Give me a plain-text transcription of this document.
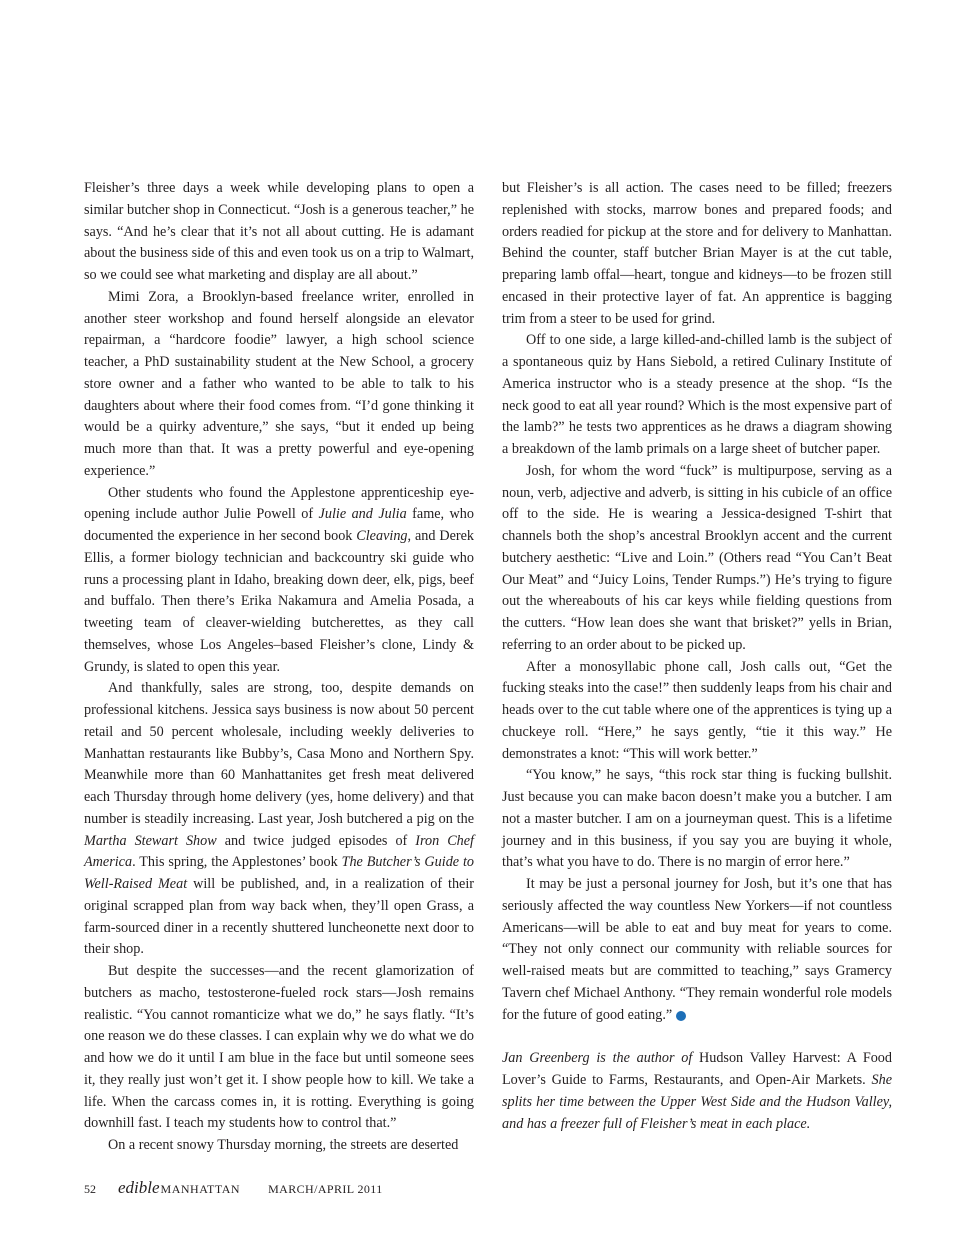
Fleisher’s three days a week while developing plans to open a similar butcher shop in Connecticut. “Josh is a generous teacher,” he says. “And he’s clear that it’s not all about cutting. He is adamant about the business side of this and even took us on a trip to Walmart, so we could see what marketing and display are all about.”

Mimi Zora, a Brooklyn-based freelance writer, enrolled in another steer workshop and found herself alongside an elevator repairman, a “hardcore foodie” lawyer, a high school science teacher, a PhD sustainability student at the New School, a grocery store owner and a father who wanted to be able to talk to his daughters about where their food comes from. “I’d gone thinking it would be a quirky adventure,” she says, “but it ended up being much more than that. It was a pretty powerful and eye-opening experience.”

Other students who found the Applestone apprenticeship eye-opening include author Julie Powell of Julie and Julia fame, who documented the experience in her second book Cleaving, and Derek Ellis, a former biology technician and backcountry ski guide who runs a processing plant in Idaho, breaking down deer, elk, pigs, beef and buffalo. Then there’s Erika Nakamura and Amelia Posada, a tweeting team of cleaver-wielding butcherettes, as they call themselves, whose Los Angeles–based Fleisher’s clone, Lindy & Grundy, is slated to open this year.

And thankfully, sales are strong, too, despite demands on professional kitchens. Jessica says business is now about 50 percent retail and 50 percent wholesale, including weekly deliveries to Manhattan restaurants like Bubby’s, Casa Mono and Northern Spy. Meanwhile more than 60 Manhattanites get fresh meat delivered each Thursday through home delivery (yes, home delivery) and that number is steadily increasing. Last year, Josh butchered a pig on the Martha Stewart Show and twice judged episodes of Iron Chef America. This spring, the Applestones’ book The Butcher’s Guide to Well-Raised Meat will be published, and, in a realization of their original scrapped plan from way back when, they’ll open Grass, a farm-sourced diner in a recently shuttered luncheonette next door to their shop.

But despite the successes—and the recent glamorization of butchers as macho, testosterone-fueled rock stars—Josh remains realistic. “You cannot romanticize what we do,” he says flatly. “It’s one reason we do these classes. I can explain why we do what we do and how we do it until I am blue in the face but until someone sees it, they really just won’t get it. I show people how to kill. We take a life. When the carcass comes in, it is rotting. Everything is going downhill fast. I teach my students how to control that.”

On a recent snowy Thursday morning, the streets are deserted

but Fleisher’s is all action. The cases need to be filled; freezers replenished with stocks, marrow bones and prepared foods; and orders readied for pickup at the store and for delivery to Manhattan. Behind the counter, staff butcher Brian Mayer is at the cut table, preparing lamb offal—heart, tongue and kidneys—to be frozen still encased in their protective layer of fat. An apprentice is bagging trim from a steer to be used for grind.

Off to one side, a large killed-and-chilled lamb is the subject of a spontaneous quiz by Hans Siebold, a retired Culinary Institute of America instructor who is a steady presence at the shop. “Is the neck good to eat all year round? Which is the most expensive part of the lamb?” he tests two apprentices as he draws a diagram showing a breakdown of the lamb primals on a large sheet of butcher paper.

Josh, for whom the word “fuck” is multipurpose, serving as a noun, verb, adjective and adverb, is sitting in his cubicle of an office off to the side. He is wearing a Jessica-designed T-shirt that channels both the shop’s ancestral Brooklyn accent and the current butchery aesthetic: “Live and Loin.” (Others read “You Can’t Beat Our Meat” and “Juicy Loins, Tender Rumps.”) He’s trying to figure out the whereabouts of his car keys while fielding questions from the cutters. “How lean does she want that brisket?” yells in Brian, referring to an order about to be picked up.

After a monosyllabic phone call, Josh calls out, “Get the fucking steaks into the case!” then suddenly leaps from his chair and heads over to the cut table where one of the apprentices is tying up a chuckeye roll. “Here,” he says gently, “tie it this way.” He demonstrates a knot: “This will work better.”

“You know,” he says, “this rock star thing is fucking bullshit. Just because you can make bacon doesn’t make you a butcher. I am not a master butcher. I am on a journeyman quest. This is a lifetime journey and in this business, if you say you are buying it whole, that’s what you have to do. There is no margin of error here.”

It may be just a personal journey for Josh, but it’s one that has seriously affected the way countless New Yorkers—if not countless Americans—will be able to eat and buy meat for years to come. “They not only connect our community with reliable sources for well-raised meats but are committed to teaching,” says Gramercy Tavern chef Michael Anthony. “They remain wonderful role models for the future of good eating.”	e

Jan Greenberg is the author of Hudson Valley Harvest: A Food Lover’s Guide to Farms, Restaurants, and Open-Air Markets. She splits her time between the Upper West Side and the Hudson Valley, and has a freezer full of Fleisher’s meat in each place.

52 edibleMANHATTAN MARCH/APRIL 2011
